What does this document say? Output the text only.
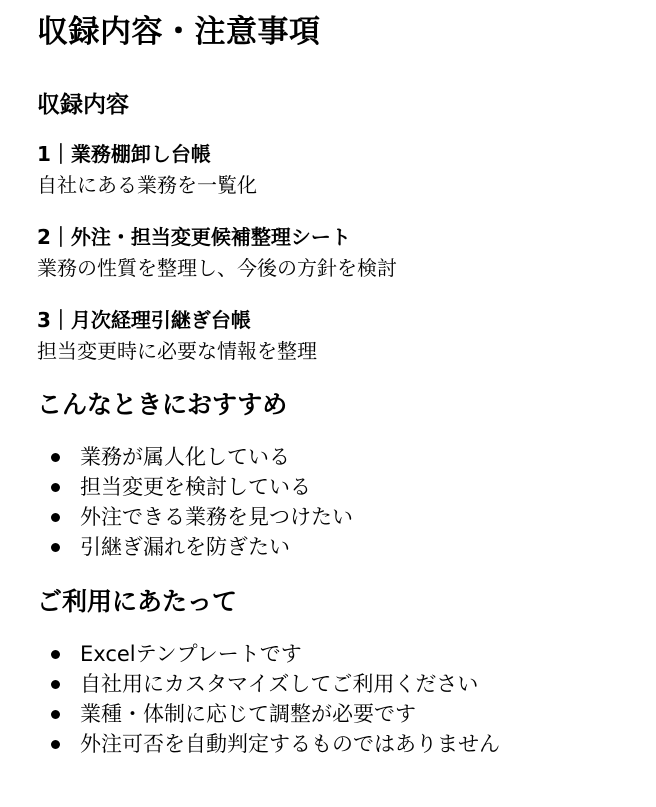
収録内容・注意事項
収録内容
1｜業務棚卸し台帳
自社にある業務を一覧化
2｜外注・担当変更候補整理シート
業務の性質を整理し、今後の方針を検討
3｜月次経理引継ぎ台帳
担当変更時に必要な情報を整理
こんなときにおすすめ
業務が属人化している
担当変更を検討している
外注できる業務を見つけたい
引継ぎ漏れを防ぎたい
ご利用にあたって
Excelテンプレートです
自社用にカスタマイズしてご利用ください
業種・体制に応じて調整が必要です
外注可否を自動判定するものではありません
